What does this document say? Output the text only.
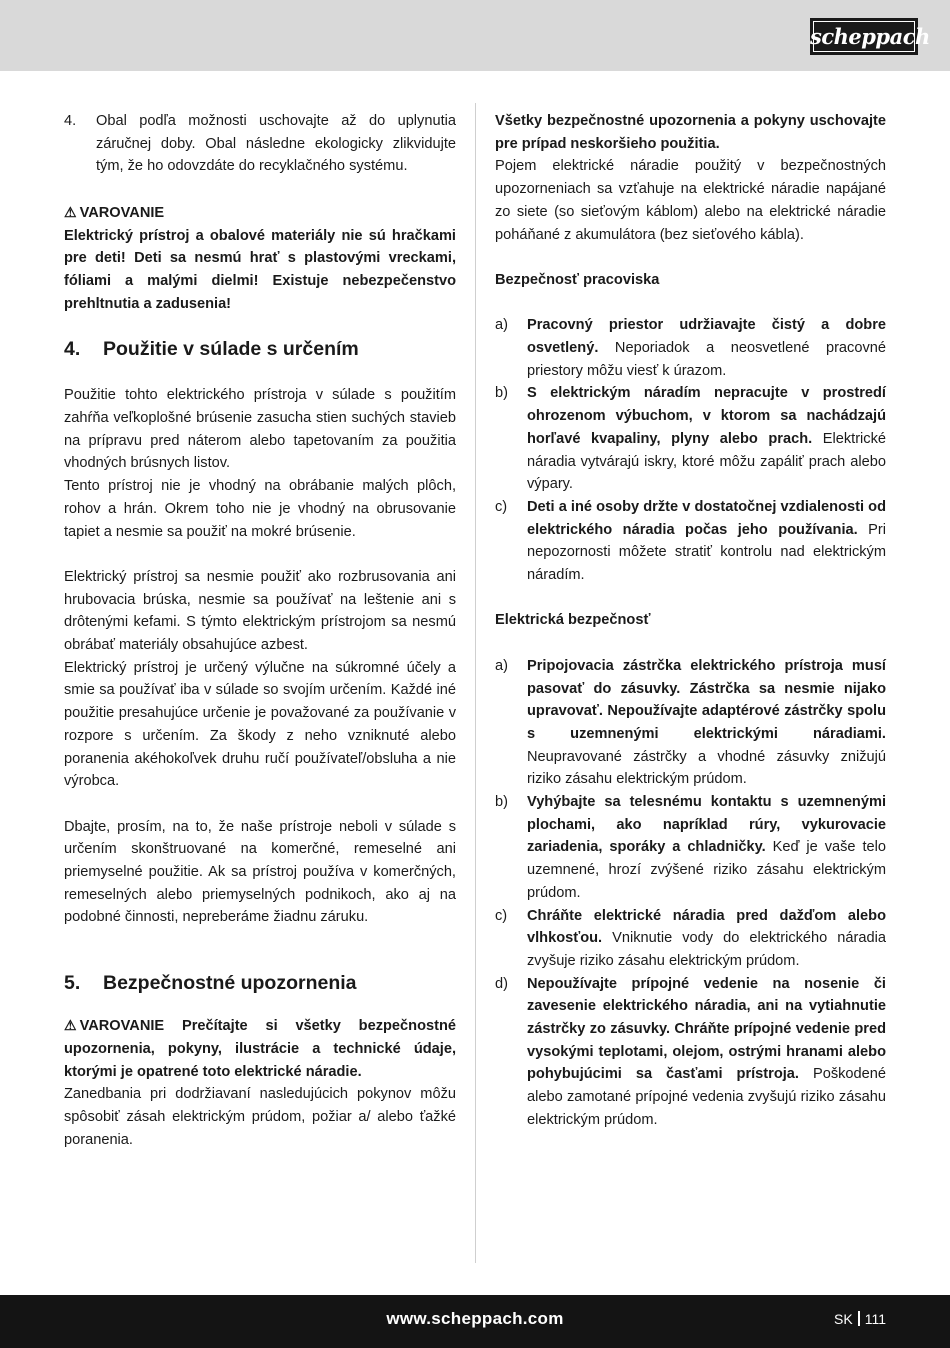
scheppach
4.	Obal podľa možnosti uschovajte až do uplynutia záručnej doby. Obal následne ekologicky zlikvidujte tým, že ho odovzdáte do recyklačného systému.

⚠ VAROVANIE

Elektrický prístroj a obalové materiály nie sú hračkami pre deti! Deti sa nesmú hrať s plastovými vreckami, fóliami a malými dielmi! Existuje nebezpečenstvo prehltnutia a zadusenia!

4.	Použitie v súlade s určením

Použitie tohto elektrického prístroja v súlade s použitím zahŕňa veľkoplošné brúsenie zasucha stien suchých stavieb na prípravu pred náterom alebo tapetovaním za použitia vhodných brúsnych listov.

Tento prístroj nie je vhodný na obrábanie malých plôch, rohov a hrán. Okrem toho nie je vhodný na obrusovanie tapiet a nesmie sa použiť na mokré brúsenie.

Elektrický prístroj sa nesmie použiť ako rozbrusovania ani hrubovacia brúska, nesmie sa používať na leštenie ani s drôtenými kefami. S týmto elektrickým prístrojom sa nesmú obrábať materiály obsahujúce azbest.

Elektrický prístroj je určený výlučne na súkromné účely a smie sa používať iba v súlade so svojím určením. Každé iné použitie presahujúce určenie je považované za používanie v rozpore s určením. Za škody z neho vzniknuté alebo poranenia akéhokoľvek druhu ručí používateľ/obsluha a nie výrobca.

Dbajte, prosím, na to, že naše prístroje neboli v súlade s určením skonštruované na komerčné, remeselné ani priemyselné použitie. Ak sa prístroj používa v komerčných, remeselných alebo priemyselných podnikoch, ako aj na podobné činnosti, nepreberáme žiadnu záruku.

5.	Bezpečnostné upozornenia

⚠ VAROVANIE Prečítajte si všetky bezpečnostné upozornenia, pokyny, ilustrácie a technické údaje, ktorými je opatrené toto elektrické náradie.

Zanedbania pri dodržiavaní nasledujúcich pokynov môžu spôsobiť zásah elektrickým prúdom, požiar a/ alebo ťažké poranenia.

Všetky bezpečnostné upozornenia a pokyny uschovajte pre prípad neskoršieho použitia.

Pojem elektrické náradie použitý v bezpečnostných upozorneniach sa vzťahuje na elektrické náradie napájané zo siete (so sieťovým káblom) alebo na elektrické náradie poháňané z akumulátora (bez sieťového kábla).

Bezpečnosť pracoviska

a)	Pracovný priestor udržiavajte čistý a dobre osvetlený. Neporiadok a neosvetlené pracovné priestory môžu viesť k úrazom.
b)	S elektrickým náradím nepracujte v prostredí ohrozenom výbuchom, v ktorom sa nachádzajú horľavé kvapaliny, plyny alebo prach. Elektrické náradia vytvárajú iskry, ktoré môžu zapáliť prach alebo výpary.
c)	Deti a iné osoby držte v dostatočnej vzdialenosti od elektrického náradia počas jeho používania. Pri nepozornosti môžete stratiť kontrolu nad elektrickým náradím.

Elektrická bezpečnosť

a)	Pripojovacia zástrčka elektrického prístroja musí pasovať do zásuvky. Zástrčka sa nesmie nijako upravovať. Nepoužívajte adaptérové zástrčky spolu s uzemnenými elektrickými náradiami. Neupravované zástrčky a vhodné zásuvky znižujú riziko zásahu elektrickým prúdom.
b)	Vyhýbajte sa telesnému kontaktu s uzemnenými plochami, ako napríklad rúry, vykurovacie zariadenia, sporáky a chladničky. Keď je vaše telo uzemnené, hrozí zvýšené riziko zásahu elektrickým prúdom.
c)	Chráňte elektrické náradia pred dažďom alebo vlhkosťou. Vniknutie vody do elektrického náradia zvyšuje riziko zásahu elektrickým prúdom.
d)	Nepoužívajte prípojné vedenie na nosenie či zavesenie elektrického náradia, ani na vytiahnutie zástrčky zo zásuvky. Chráňte prípojné vedenie pred vysokými teplotami, olejom, ostrými hranami alebo pohybujúcimi sa časťami prístroja. Poškodené alebo zamotané prípojné vedenia zvyšujú riziko zásahu elektrickým prúdom.
www.scheppach.com	SK 111
